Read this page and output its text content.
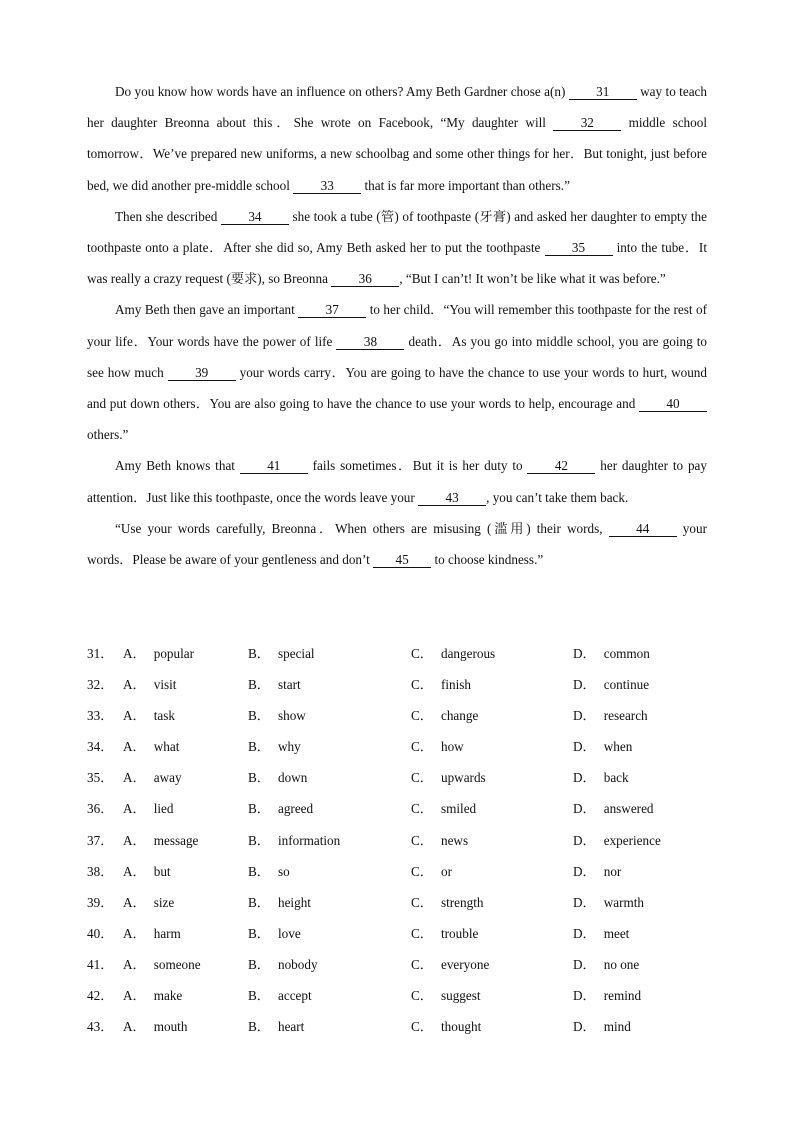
Do you know how words have an influence on others? Amy Beth Gardner chose a(n) 31 way to teach her daughter Breonna about this．She wrote on Facebook, “My daughter will 32 middle school tomorrow．We’ve prepared new uniforms, a new schoolbag and some other things for her．But tonight, just before bed, we did another pre-middle school 33 that is far more important than others.”

Then she described 34 she took a tube (管) of toothpaste (牙膏) and asked her daughter to empty the toothpaste onto a plate．After she did so, Amy Beth asked her to put the toothpaste 35 into the tube．It was really a crazy request (要求), so Breonna 36 , “But I can’t! It won’t be like what it was before.”

Amy Beth then gave an important 37 to her child．“You will remember this toothpaste for the rest of your life．Your words have the power of life 38 death．As you go into middle school, you are going to see how much 39 your words carry．You are going to have the chance to use your words to hurt, wound and put down others．You are also going to have the chance to use your words to help, encourage and 40 others.”

Amy Beth knows that 41 fails sometimes．But it is her duty to 42 her daughter to pay attention．Just like this toothpaste, once the words leave your 43 , you can’t take them back.

“Use your words carefully, Breonna．When others are misusing (滥用) their words, 44 your words．Please be aware of your gentleness and don’t 45 to choose kindness.”

31． A． popular	B． special	C． dangerous	D． common
32． A． visit	B． start	C． finish	D． continue
33． A． task	B． show	C． change	D． research
34． A． what	B． why	C． how	D． when
35． A． away	B． down	C． upwards	D． back
36． A． lied	B． agreed	C． smiled	D． answered
37． A． message	B． information	C． news	D． experience
38． A． but	B． so	C． or	D． nor
39． A． size	B． height	C． strength	D． warmth
40． A． harm	B． love	C． trouble	D． meet
41． A． someone	B． nobody	C． everyone	D． no one
42． A． make	B． accept	C． suggest	D． remind
43． A． mouth	B． heart	C． thought	D． mind
